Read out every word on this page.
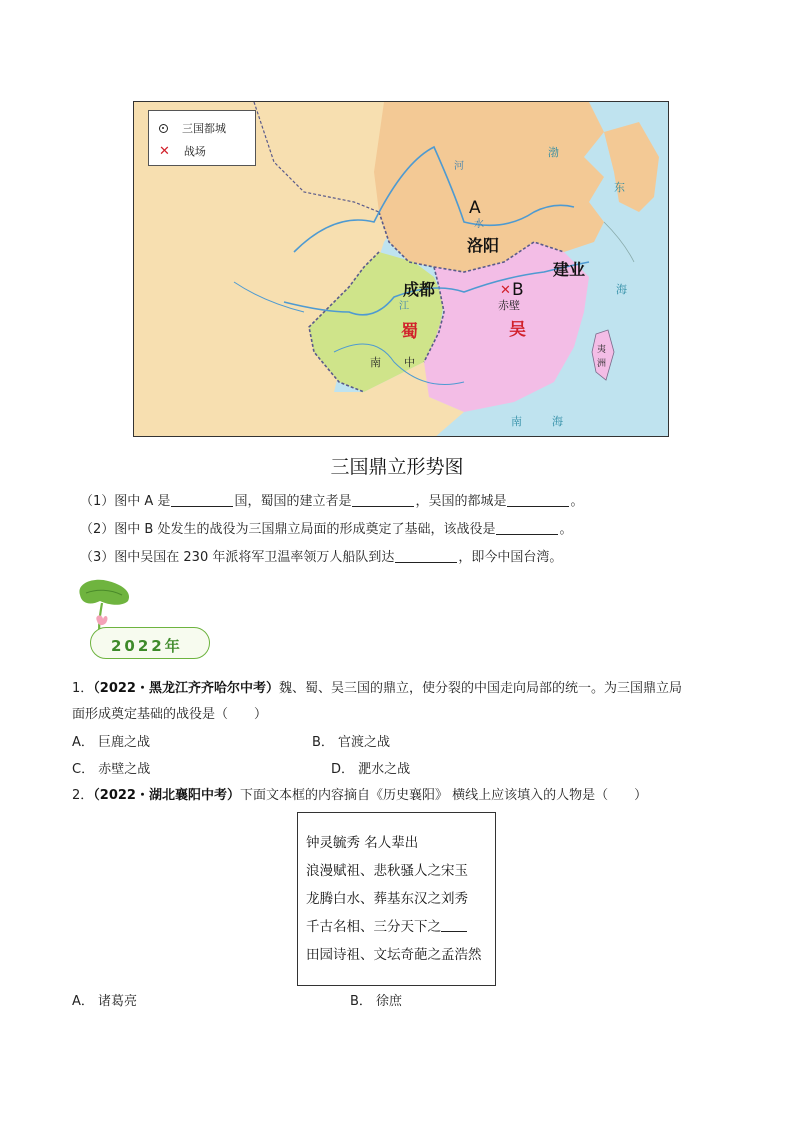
三国都城
✕ 战场
A

洛阳

建业
成都	✕ B
赤壁
蜀	吴
南 中
渤
东
海
南	海
夷
洲
河
水
江
三国鼎立形势图
（1）图中 A 是	国，蜀国的建立者是	，吴国的都城是	。
（2）图中 B 处发生的战役为三国鼎立局面的形成奠定了基础，该战役是	。
（3）图中吴国在 230 年派将军卫温率领万人船队到达	，即今中国台湾。
2022年
1．（2022・黑龙江齐齐哈尔中考）魏、蜀、吴三国的鼎立，使分裂的中国走向局部的统一。为三国鼎立局
面形成奠定基础的战役是（　　）
A． 巨鹿之战	B． 官渡之战
C． 赤壁之战	D． 淝水之战
2．（2022・湖北襄阳中考）下面文本框的内容摘自《历史襄阳》 横线上应该填入的人物是（　　）
钟灵毓秀 名人辈出
浪漫赋祖、悲秋骚人之宋玉
龙腾白水、葬基东汉之刘秀
千古名相、三分天下之
田园诗祖、文坛奇葩之孟浩然
A． 诸葛亮	B． 徐庶
